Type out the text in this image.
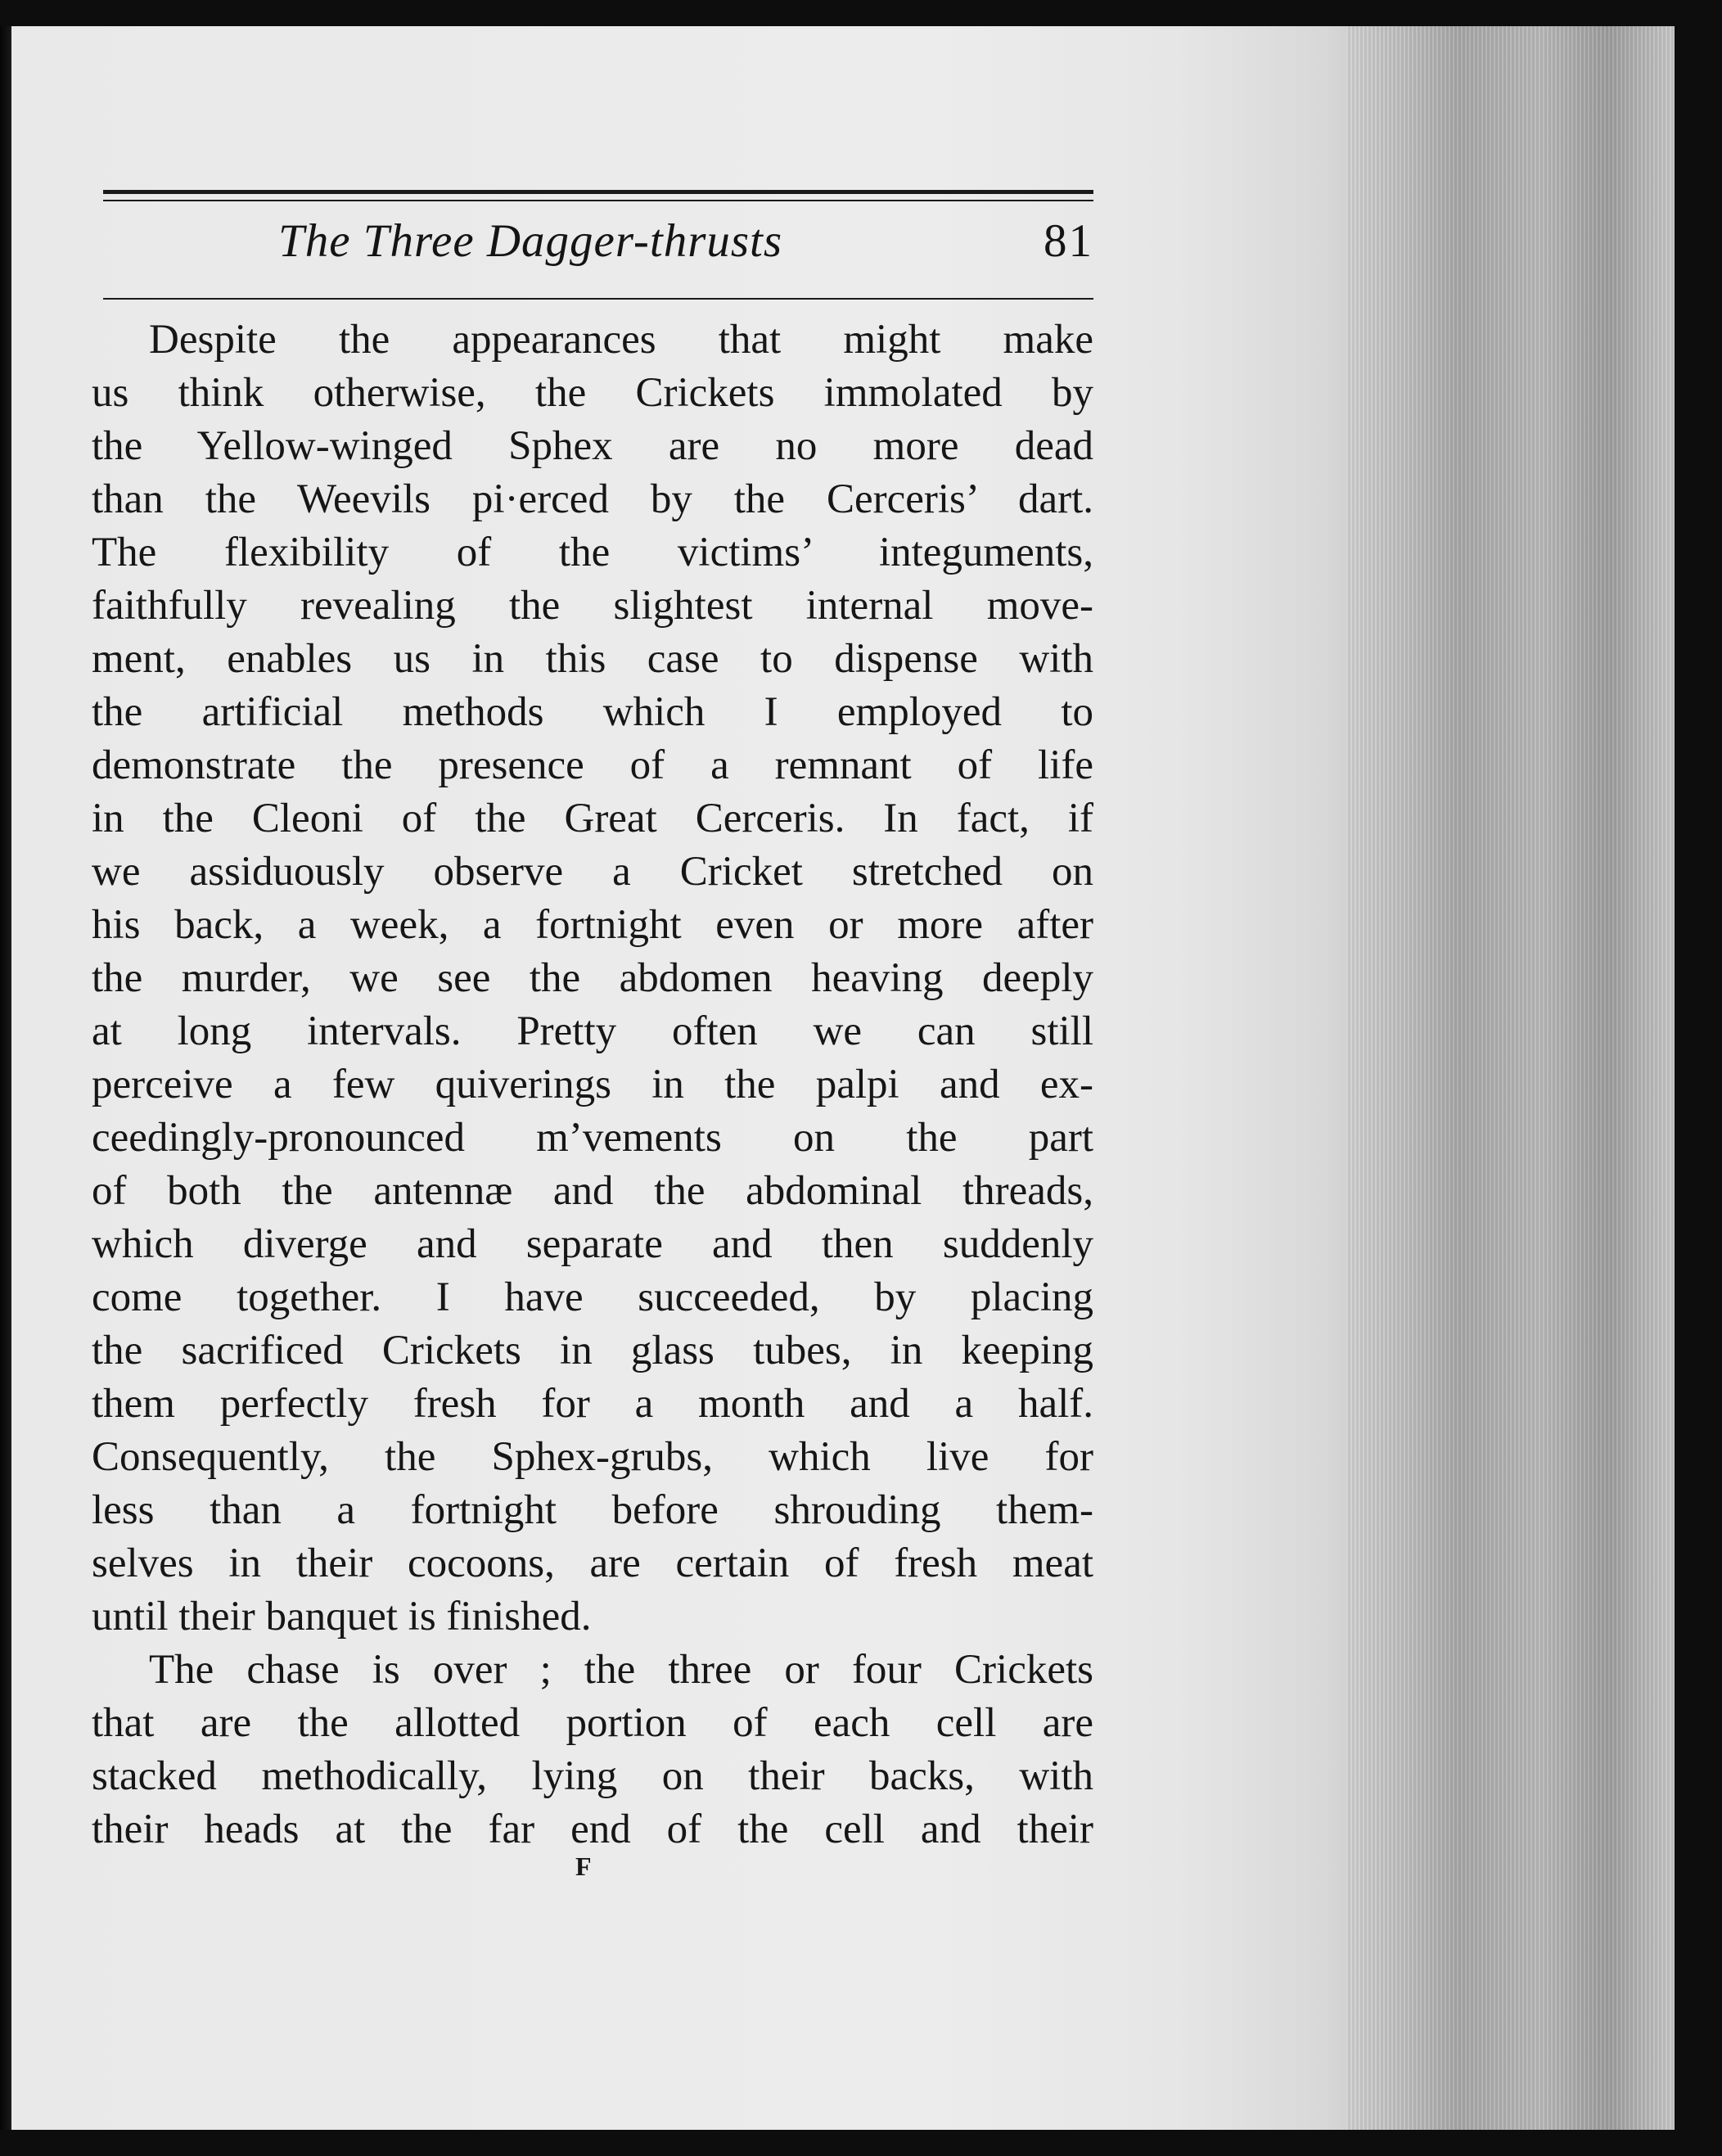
The Three Dagger-thrusts	81
Despite the appearances that might make
us think otherwise, the Crickets immolated by
the Yellow-winged Sphex are no more dead
than the Weevils pi·erced by the Cerceris’ dart.
The flexibility of the victims’ integuments,
faithfully revealing the slightest internal move-
ment, enables us in this case to dispense with
the artificial methods which I employed to
demonstrate the presence of a remnant of life
in the Cleoni of the Great Cerceris. In fact, if
we assiduously observe a Cricket stretched on
his back, a week, a fortnight even or more after
the murder, we see the abdomen heaving deeply
at long intervals. Pretty often we can still
perceive a few quiverings in the palpi and ex-
ceedingly-pronounced m’vements on the part
of both the antennæ and the abdominal threads,
which diverge and separate and then suddenly
come together. I have succeeded, by placing
the sacrificed Crickets in glass tubes, in keeping
them perfectly fresh for a month and a half.
Consequently, the Sphex-grubs, which live for
less than a fortnight before shrouding them-
selves in their cocoons, are certain of fresh meat
until their banquet is finished.
The chase is over ; the three or four Crickets
that are the allotted portion of each cell are
stacked methodically, lying on their backs, with
their heads at the far end of the cell and their
F
